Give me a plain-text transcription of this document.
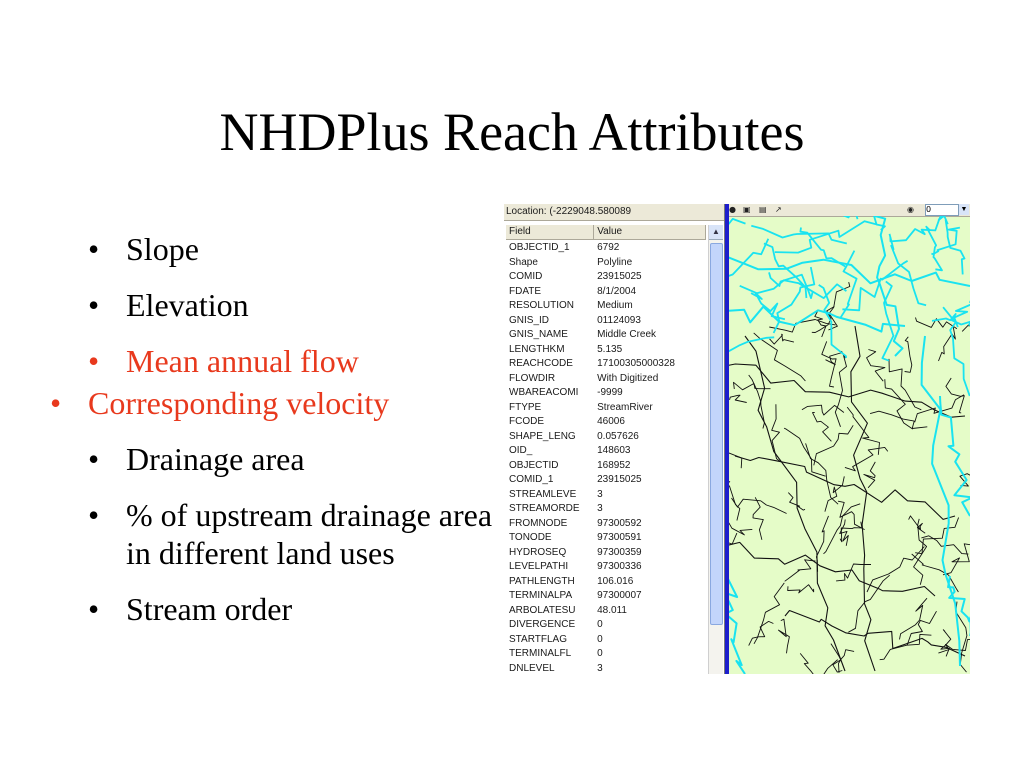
NHDPlus Reach Attributes
• Slope
• Elevation
• Mean annual flow
• Corresponding velocity
• Drainage area
• % of upstream drainage area in different land uses
• Stream order
Location: (-2229048.580089
Field	Value
OBJECTID_1	6792
Shape	Polyline
COMID	23915025
FDATE	8/1/2004
RESOLUTION	Medium
GNIS_ID	01124093
GNIS_NAME	Middle Creek
LENGTHKM	5.135
REACHCODE	17100305000328
FLOWDIR	With Digitized
WBAREACOMI	-9999
FTYPE	StreamRiver
FCODE	46006
SHAPE_LENG	0.057626
OID_	148603
OBJECTID	168952
COMID_1	23915025
STREAMLEVE	3
STREAMORDE	3
FROMNODE	97300592
TONODE	97300591
HYDROSEQ	97300359
LEVELPATHI	97300336
PATHLENGTH	106.016
TERMINALPA	97300007
ARBOLATESU	48.011
DIVERGENCE	0
STARTFLAG	0
TERMINALFL	0
DNLEVEL	3
▲
● ▣ ▤ ↗	◉ 0	▼
